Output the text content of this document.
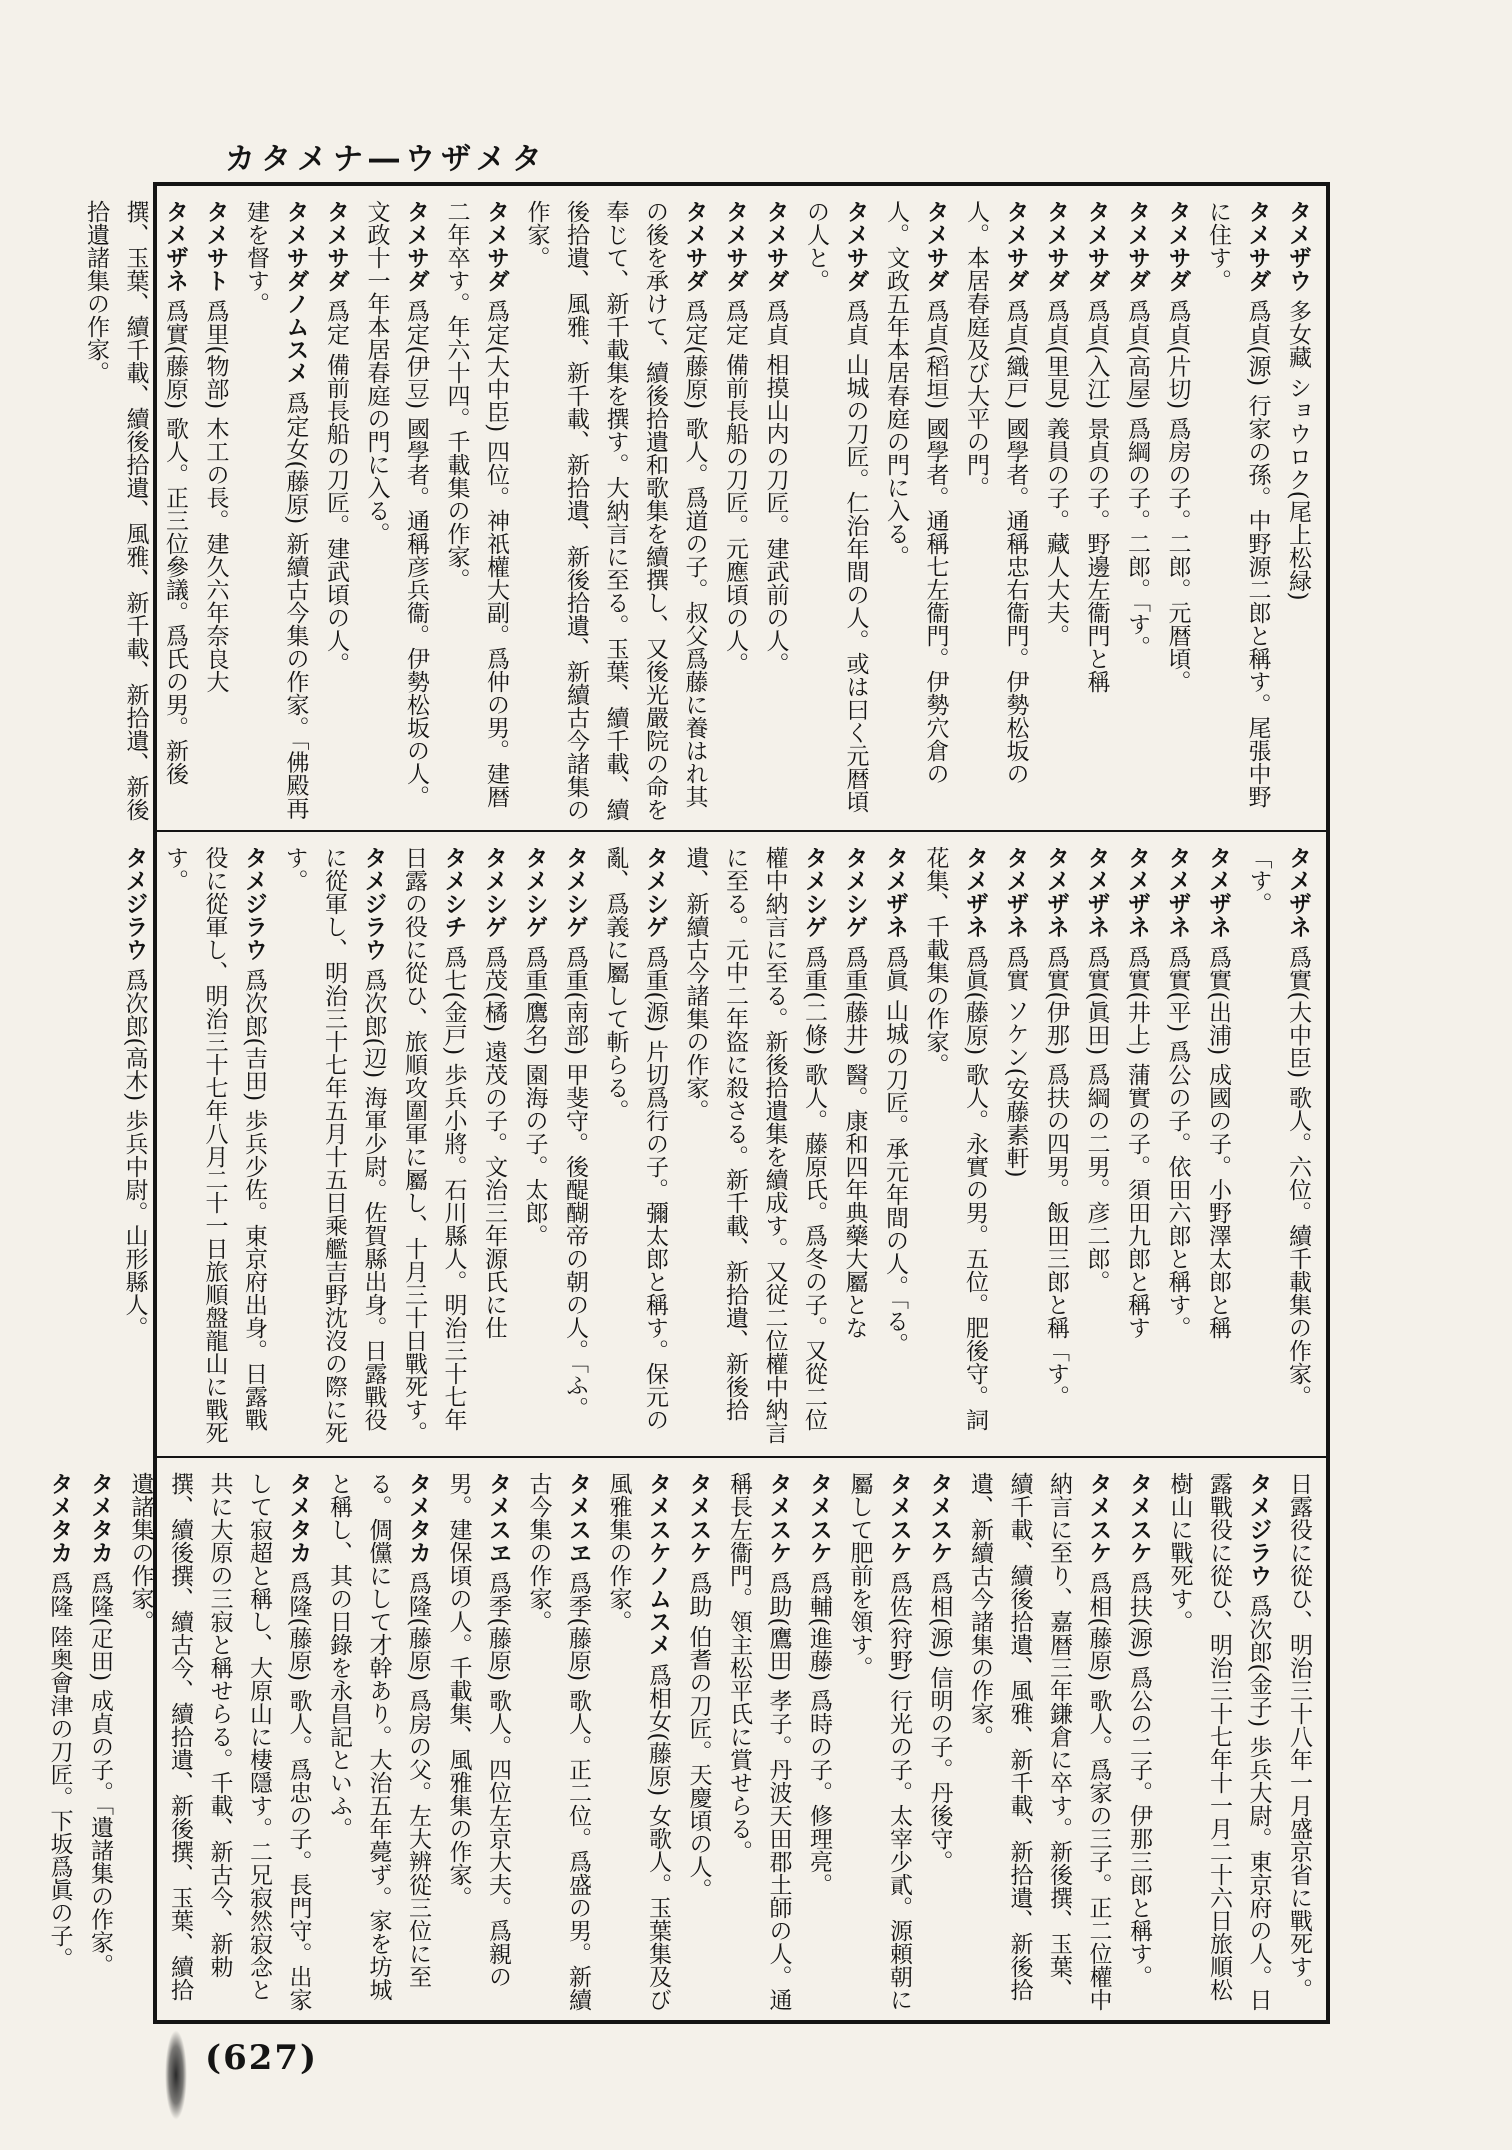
カタメナ―ウザメタ
タメザウ 多女藏 ショウロク(尾上松緑)
タメサダ 爲貞(源) 行家の孫。中野源二郎と稱す。尾張中野に住す。
タメサダ 爲貞(片切) 爲房の子。二郎。元暦頃。
タメサダ 爲貞(高屋) 爲綱の子。二郎。「す。
タメサダ 爲貞(入江) 景貞の子。野邊左衞門と稱
タメサダ 爲貞(里見) 義員の子。藏人大夫。
タメサダ 爲貞(織戸) 國學者。通稱忠右衞門。伊勢松坂の人。本居春庭及び大平の門。
タメサダ 爲貞(稻垣) 國學者。通稱七左衞門。伊勢穴倉の人。文政五年本居春庭の門に入る。
タメサダ 爲貞 山城の刀匠。仁治年間の人。或は曰く元暦頃の人と。
タメサダ 爲貞 相摸山内の刀匠。建武前の人。
タメサダ 爲定 備前長船の刀匠。元應頃の人。
タメサダ 爲定(藤原) 歌人。爲道の子。叔父爲藤に養はれ其の後を承けて、續後拾遺和歌集を續撰し、又後光嚴院の命を奉じて、新千載集を撰す。大納言に至る。玉葉、續千載、續後拾遺、風雅、新千載、新拾遺、新後拾遺、新續古今諸集の作家。
タメサダ 爲定(大中臣) 四位。神祇權大副。爲仲の男。建暦二年卒す。年六十四。千載集の作家。
タメサダ 爲定(伊豆) 國學者。通稱彦兵衞。伊勢松坂の人。文政十一年本居春庭の門に入る。
タメサダ 爲定 備前長船の刀匠。建武頃の人。
タメサダノムスメ 爲定女(藤原) 新續古今集の作家。「佛殿再建を督す。
タメサト 爲里(物部) 木工の長。建久六年奈良大
タメザネ 爲實(藤原) 歌人。正三位參議。爲氏の男。新後撰、玉葉、續千載、續後拾遺、風雅、新千載、新拾遺、新後拾遺諸集の作家。
タメザネ 爲實(大中臣) 歌人。六位。續千載集の作家。「す。
タメザネ 爲實(出浦) 成國の子。小野澤太郎と稱
タメザネ 爲實(平) 爲公の子。依田六郎と稱す。
タメザネ 爲實(井上) 蒲實の子。須田九郎と稱す
タメザネ 爲實(眞田) 爲綱の二男。彦二郎。
タメザネ 爲實(伊那) 爲扶の四男。飯田三郎と稱「す。
タメザネ 爲實 ソケン(安藤素軒)
タメザネ 爲眞(藤原) 歌人。永實の男。五位。肥後守。詞花集、千載集の作家。
タメザネ 爲眞 山城の刀匠。承元年間の人。「る。
タメシゲ 爲重(藤井) 醫。康和四年典藥大屬とな
タメシゲ 爲重(二條) 歌人。藤原氏。爲冬の子。又從二位權中納言に至る。新後拾遺集を續成す。又従二位權中納言に至る。元中二年盜に殺さる。新千載、新拾遺、新後拾遺、新續古今諸集の作家。
タメシゲ 爲重(源) 片切爲行の子。彌太郎と稱す。保元の亂、爲義に屬して斬らる。
タメシゲ 爲重(南部) 甲斐守。後醍醐帝の朝の人。「ふ。
タメシゲ 爲重(鷹名) 園海の子。太郎。
タメシゲ 爲茂(橘) 遠茂の子。文治三年源氏に仕
タメシチ 爲七(金戸) 歩兵小將。石川縣人。明治三十七年日露の役に從ひ、旅順攻圍軍に屬し、十月三十日戰死す。
タメジラウ 爲次郎(辺) 海軍少尉。佐賀縣出身。日露戰役に從軍し、明治三十七年五月十五日乘艦吉野沈沒の際に死す。
タメジラウ 爲次郎(吉田) 歩兵少佐。東京府出身。日露戰役に從軍し、明治三十七年八月二十一日旅順盤龍山に戰死す。
タメジラウ 爲次郎(高木) 歩兵中尉。山形縣人。
日露役に從ひ、明治三十八年一月盛京省に戰死す。
タメジラウ 爲次郎(金子) 歩兵大尉。東京府の人。日露戰役に從ひ、明治三十七年十一月二十六日旅順松樹山に戰死す。
タメスケ 爲扶(源) 爲公の二子。伊那三郎と稱す。
タメスケ 爲相(藤原) 歌人。爲家の三子。正二位權中納言に至り、嘉暦三年鎌倉に卒す。新後撰、玉葉、續千載、續後拾遺、風雅、新千載、新拾遺、新後拾遺、新續古今諸集の作家。
タメスケ 爲相(源) 信明の子。丹後守。
タメスケ 爲佐(狩野) 行光の子。太宰少貳。源頼朝に屬して肥前を領す。
タメスケ 爲輔(進藤) 爲時の子。修理亮。
タメスケ 爲助(鷹田) 孝子。丹波天田郡土師の人。通稱長左衞門。領主松平氏に賞せらる。
タメスケ 爲助 伯耆の刀匠。天慶頃の人。
タメスケノムスメ 爲相女(藤原) 女歌人。玉葉集及び風雅集の作家。
タメスヱ 爲季(藤原) 歌人。正二位。爲盛の男。新續古今集の作家。
タメスヱ 爲季(藤原) 歌人。四位左京大夫。爲親の男。建保頃の人。千載集、風雅集の作家。
タメタカ 爲隆(藤原) 爲房の父。左大辨從三位に至る。倜儻にして才幹あり。大治五年薨ず。家を坊城と稱し、其の日錄を永昌記といふ。
タメタカ 爲隆(藤原) 歌人。爲忠の子。長門守。出家して寂超と稱し、大原山に棲隱す。二兄寂然寂念と共に大原の三寂と稱せらる。千載、新古今、新勅撰、續後撰、續古今、續拾遺、新後撰、玉葉、續拾遺諸集の作家。
タメタカ 爲隆(疋田) 成貞の子。「遺諸集の作家。
タメタカ 爲隆 陸奥會津の刀匠。下坂爲眞の子。
(627)
